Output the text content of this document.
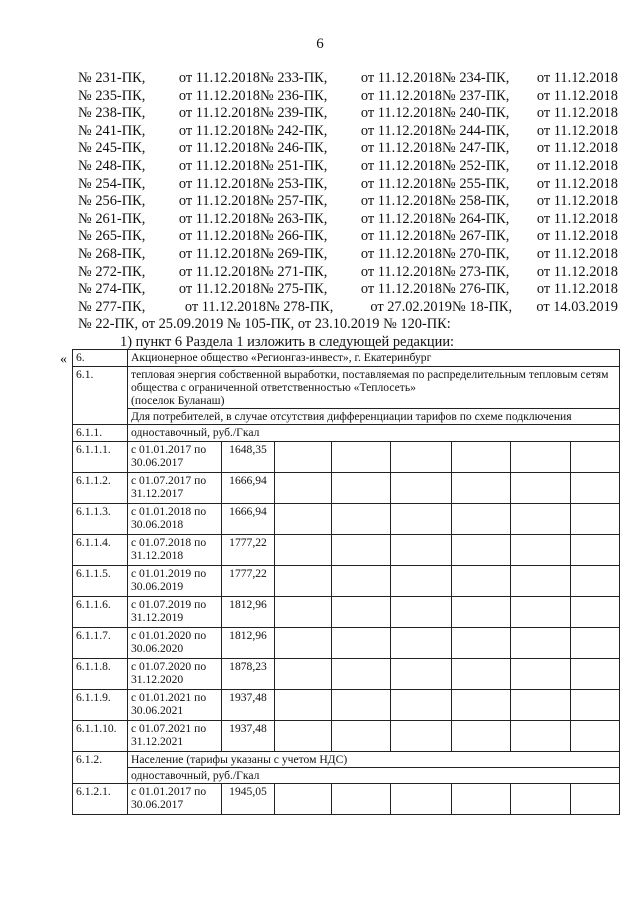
6
№ 231-ПК,	от 11.12.2018 № 233-ПК,	от 11.12.2018 № 234-ПК,	от 11.12.2018
№ 235-ПК,	от 11.12.2018 № 236-ПК,	от 11.12.2018 № 237-ПК,	от 11.12.2018
№ 238-ПК,	от 11.12.2018 № 239-ПК,	от 11.12.2018 № 240-ПК,	от 11.12.2018
№ 241-ПК,	от 11.12.2018 № 242-ПК,	от 11.12.2018 № 244-ПК,	от 11.12.2018
№ 245-ПК,	от 11.12.2018 № 246-ПК,	от 11.12.2018 № 247-ПК,	от 11.12.2018
№ 248-ПК,	от 11.12.2018 № 251-ПК,	от 11.12.2018 № 252-ПК,	от 11.12.2018
№ 254-ПК,	от 11.12.2018 № 253-ПК,	от 11.12.2018 № 255-ПК,	от 11.12.2018
№ 256-ПК,	от 11.12.2018 № 257-ПК,	от 11.12.2018 № 258-ПК,	от 11.12.2018
№ 261-ПК,	от 11.12.2018 № 263-ПК,	от 11.12.2018 № 264-ПК,	от 11.12.2018
№ 265-ПК,	от 11.12.2018 № 266-ПК,	от 11.12.2018 № 267-ПК,	от 11.12.2018
№ 268-ПК,	от 11.12.2018 № 269-ПК,	от 11.12.2018 № 270-ПК,	от 11.12.2018
№ 272-ПК,	от 11.12.2018 № 271-ПК,	от 11.12.2018 № 273-ПК,	от 11.12.2018
№ 274-ПК,	от 11.12.2018 № 275-ПК,	от 11.12.2018 № 276-ПК,	от 11.12.2018
№ 277-ПК,	от 11.12.2018 № 278-ПК,	от 27.02.2019 № 18-ПК,	от 14.03.2019
№ 22-ПК, от 25.09.2019 № 105-ПК, от 23.10.2019 № 120-ПК:
1) пункт 6 Раздела 1 изложить в следующей редакции:
« 6.	Акционерное общество «Регионгаз-инвест», г. Екатеринбург							
6.1.	тепловая энергия собственной выработки, поставляемая по распределительным тепловым сетям общества с ограниченной ответственностью «Теплосеть»
(поселок Буланаш)							

	Для потребителей, в случае отсутствия дифференциации тарифов по схеме подключения							
6.1.1.	одноставочный, руб./Гкал							
6.1.1.1.	с 01.01.2017 по 30.06.2017	1648,35						
6.1.1.2.	с 01.07.2017 по 31.12.2017	1666,94						
6.1.1.3.	с 01.01.2018 по 30.06.2018	1666,94						
6.1.1.4.	с 01.07.2018 по 31.12.2018	1777,22						
6.1.1.5.	с 01.01.2019 по 30.06.2019	1777,22						
6.1.1.6.	с 01.07.2019 по 31.12.2019	1812,96						
6.1.1.7.	с 01.01.2020 по 30.06.2020	1812,96						
6.1.1.8.	с 01.07.2020 по 31.12.2020	1878,23						
6.1.1.9.	с 01.01.2021 по 30.06.2021	1937,48						
6.1.1.10.	с 01.07.2021 по 31.12.2021	1937,48						
6.1.2.	Население (тарифы указаны с учетом НДС)							
	одноставочный, руб./Гкал							
6.1.2.1.	с 01.01.2017 по 30.06.2017	1945,05						
